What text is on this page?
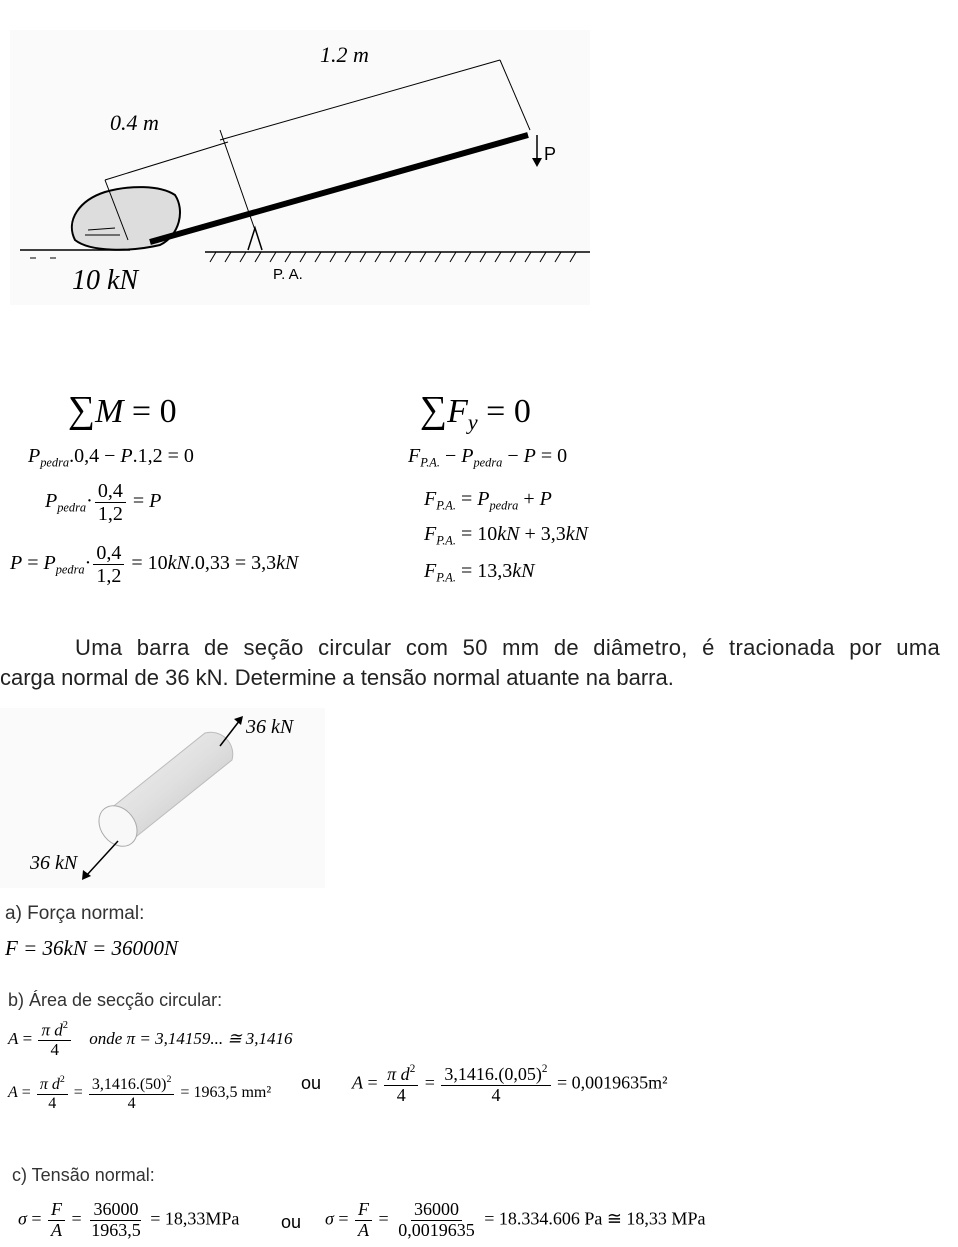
1.2 m
0.4 m
P
10 kN	P. A.
∑M = 0
$P_{pedra}.0,4 - P.1,2 = 0$
$P_{pedra}\cdot \frac{0,4}{1,2} = P$
$P = P_{pedra}\cdot \frac{0,4}{1,2} = 10kN.0,33 = 3,3kN$
$\sum F_y = 0$
$F_{P.A.} - P_{pedra} - P = 0$
$F_{P.A.} = P_{pedra} + P$
$F_{P.A.} = 10kN + 3,3kN$
$F_{P.A.} = 13,3kN$
Uma barra de seção circular com 50 mm de diâmetro, é tracionada por uma
carga normal de 36 kN. Determine a tensão normal atuante na barra.
36 kN
36 kN
a) Força normal:
F = 36kN = 36000N
b) Área de secção circular:
$A = \frac{\pi d^2}{4}$ onde π = 3,14159... ≅ 3,1416
$A = \frac{\pi d^2}{4} = \frac{3,1416.(50)^2}{4} = 1963,5$ mm² ou $A = \frac{\pi d^2}{4} = \frac{3,1416.(0,05)^2}{4} = 0,0019635m^2$
c) Tensão normal:
$\sigma = \frac{F}{A} = \frac{36000}{1963,5} = 18,33MPa$ ou $\sigma = \frac{F}{A} = \frac{36000}{0,0019635} = 18.334.606$ Pa ≅ 18,33 MPa
